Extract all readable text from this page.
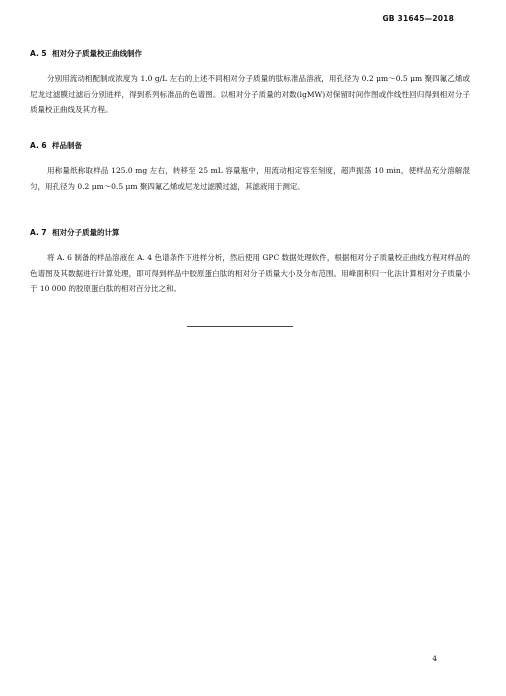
GB 31645—2018
A. 5 相对分子质量校正曲线制作

分别用流动相配制成浓度为 1.0 g/L 左右的上述不同相对分子质量的肽标准品溶液，用孔径为 0.2 μm～0.5 μm 聚四氟乙烯或尼龙过滤膜过滤后分别进样，得到系列标准品的色谱图。以相对分子质量的对数(lgMW)对保留时间作图或作线性回归得到相对分子质量校正曲线及其方程。

A. 6 样品制备

用称量纸称取样品 125.0 mg 左右，转移至 25 mL 容量瓶中，用流动相定容至刻度，超声振荡 10 min，使样品充分溶解混匀，用孔径为 0.2 μm～0.5 μm 聚四氟乙烯或尼龙过滤膜过滤，其滤液用于测定。

A. 7 相对分子质量的计算

将 A. 6 制备的样品溶液在 A. 4 色谱条件下进样分析，然后使用 GPC 数据处理软件，根据相对分子质量校正曲线方程对样品的色谱图及其数据进行计算处理，即可得到样品中胶原蛋白肽的相对分子质量大小及分布范围。用峰面积归一化法计算相对分子质量小于 10 000 的胶原蛋白肽的相对百分比之和。

4
